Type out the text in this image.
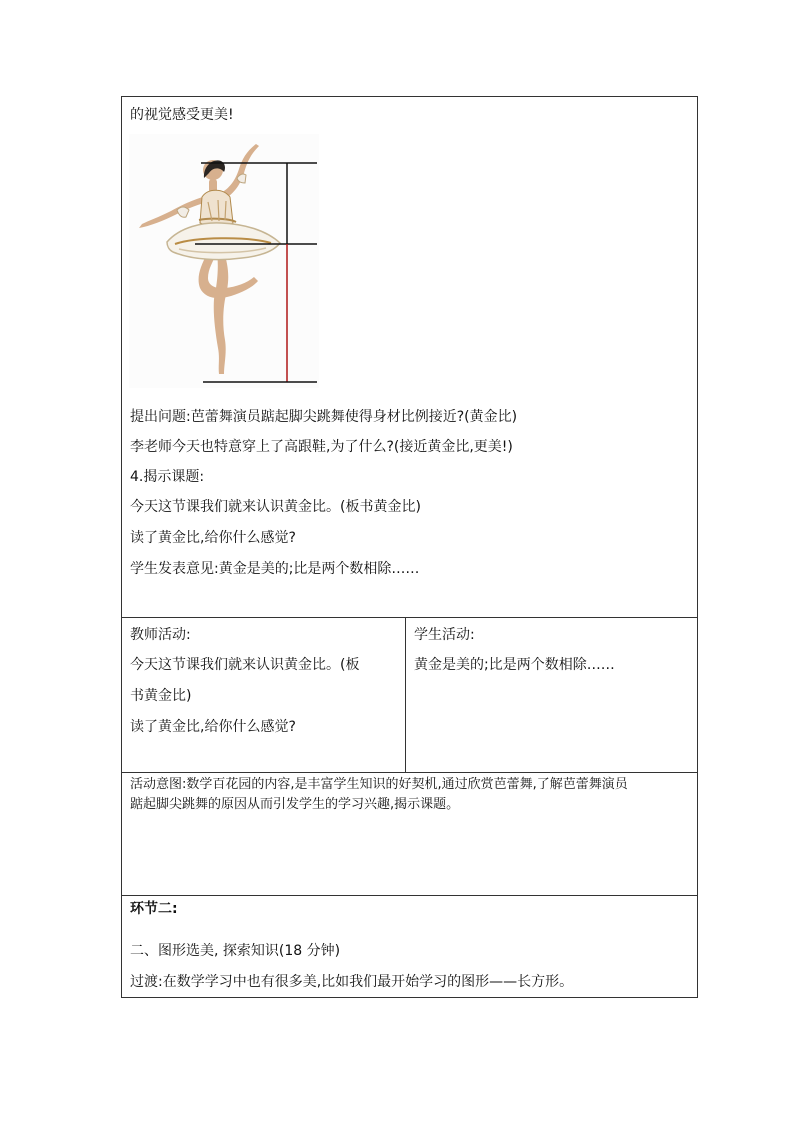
的视觉感受更美!
提出问题:芭蕾舞演员踮起脚尖跳舞使得身材比例接近?(黄金比)
李老师今天也特意穿上了高跟鞋,为了什么?(接近黄金比,更美!)
4.揭示课题:
今天这节课我们就来认识黄金比。(板书黄金比)
读了黄金比,给你什么感觉?
学生发表意见:黄金是美的;比是两个数相除……
教师活动:
今天这节课我们就来认识黄金比。(板
书黄金比)
读了黄金比,给你什么感觉?
学生活动:
黄金是美的;比是两个数相除……
活动意图:数学百花园的内容,是丰富学生知识的好契机,通过欣赏芭蕾舞,了解芭蕾舞演员
踮起脚尖跳舞的原因从而引发学生的学习兴趣,揭示课题。
环节二:
二、图形选美, 探索知识(18 分钟)
过渡:在数学学习中也有很多美,比如我们最开始学习的图形——长方形。
